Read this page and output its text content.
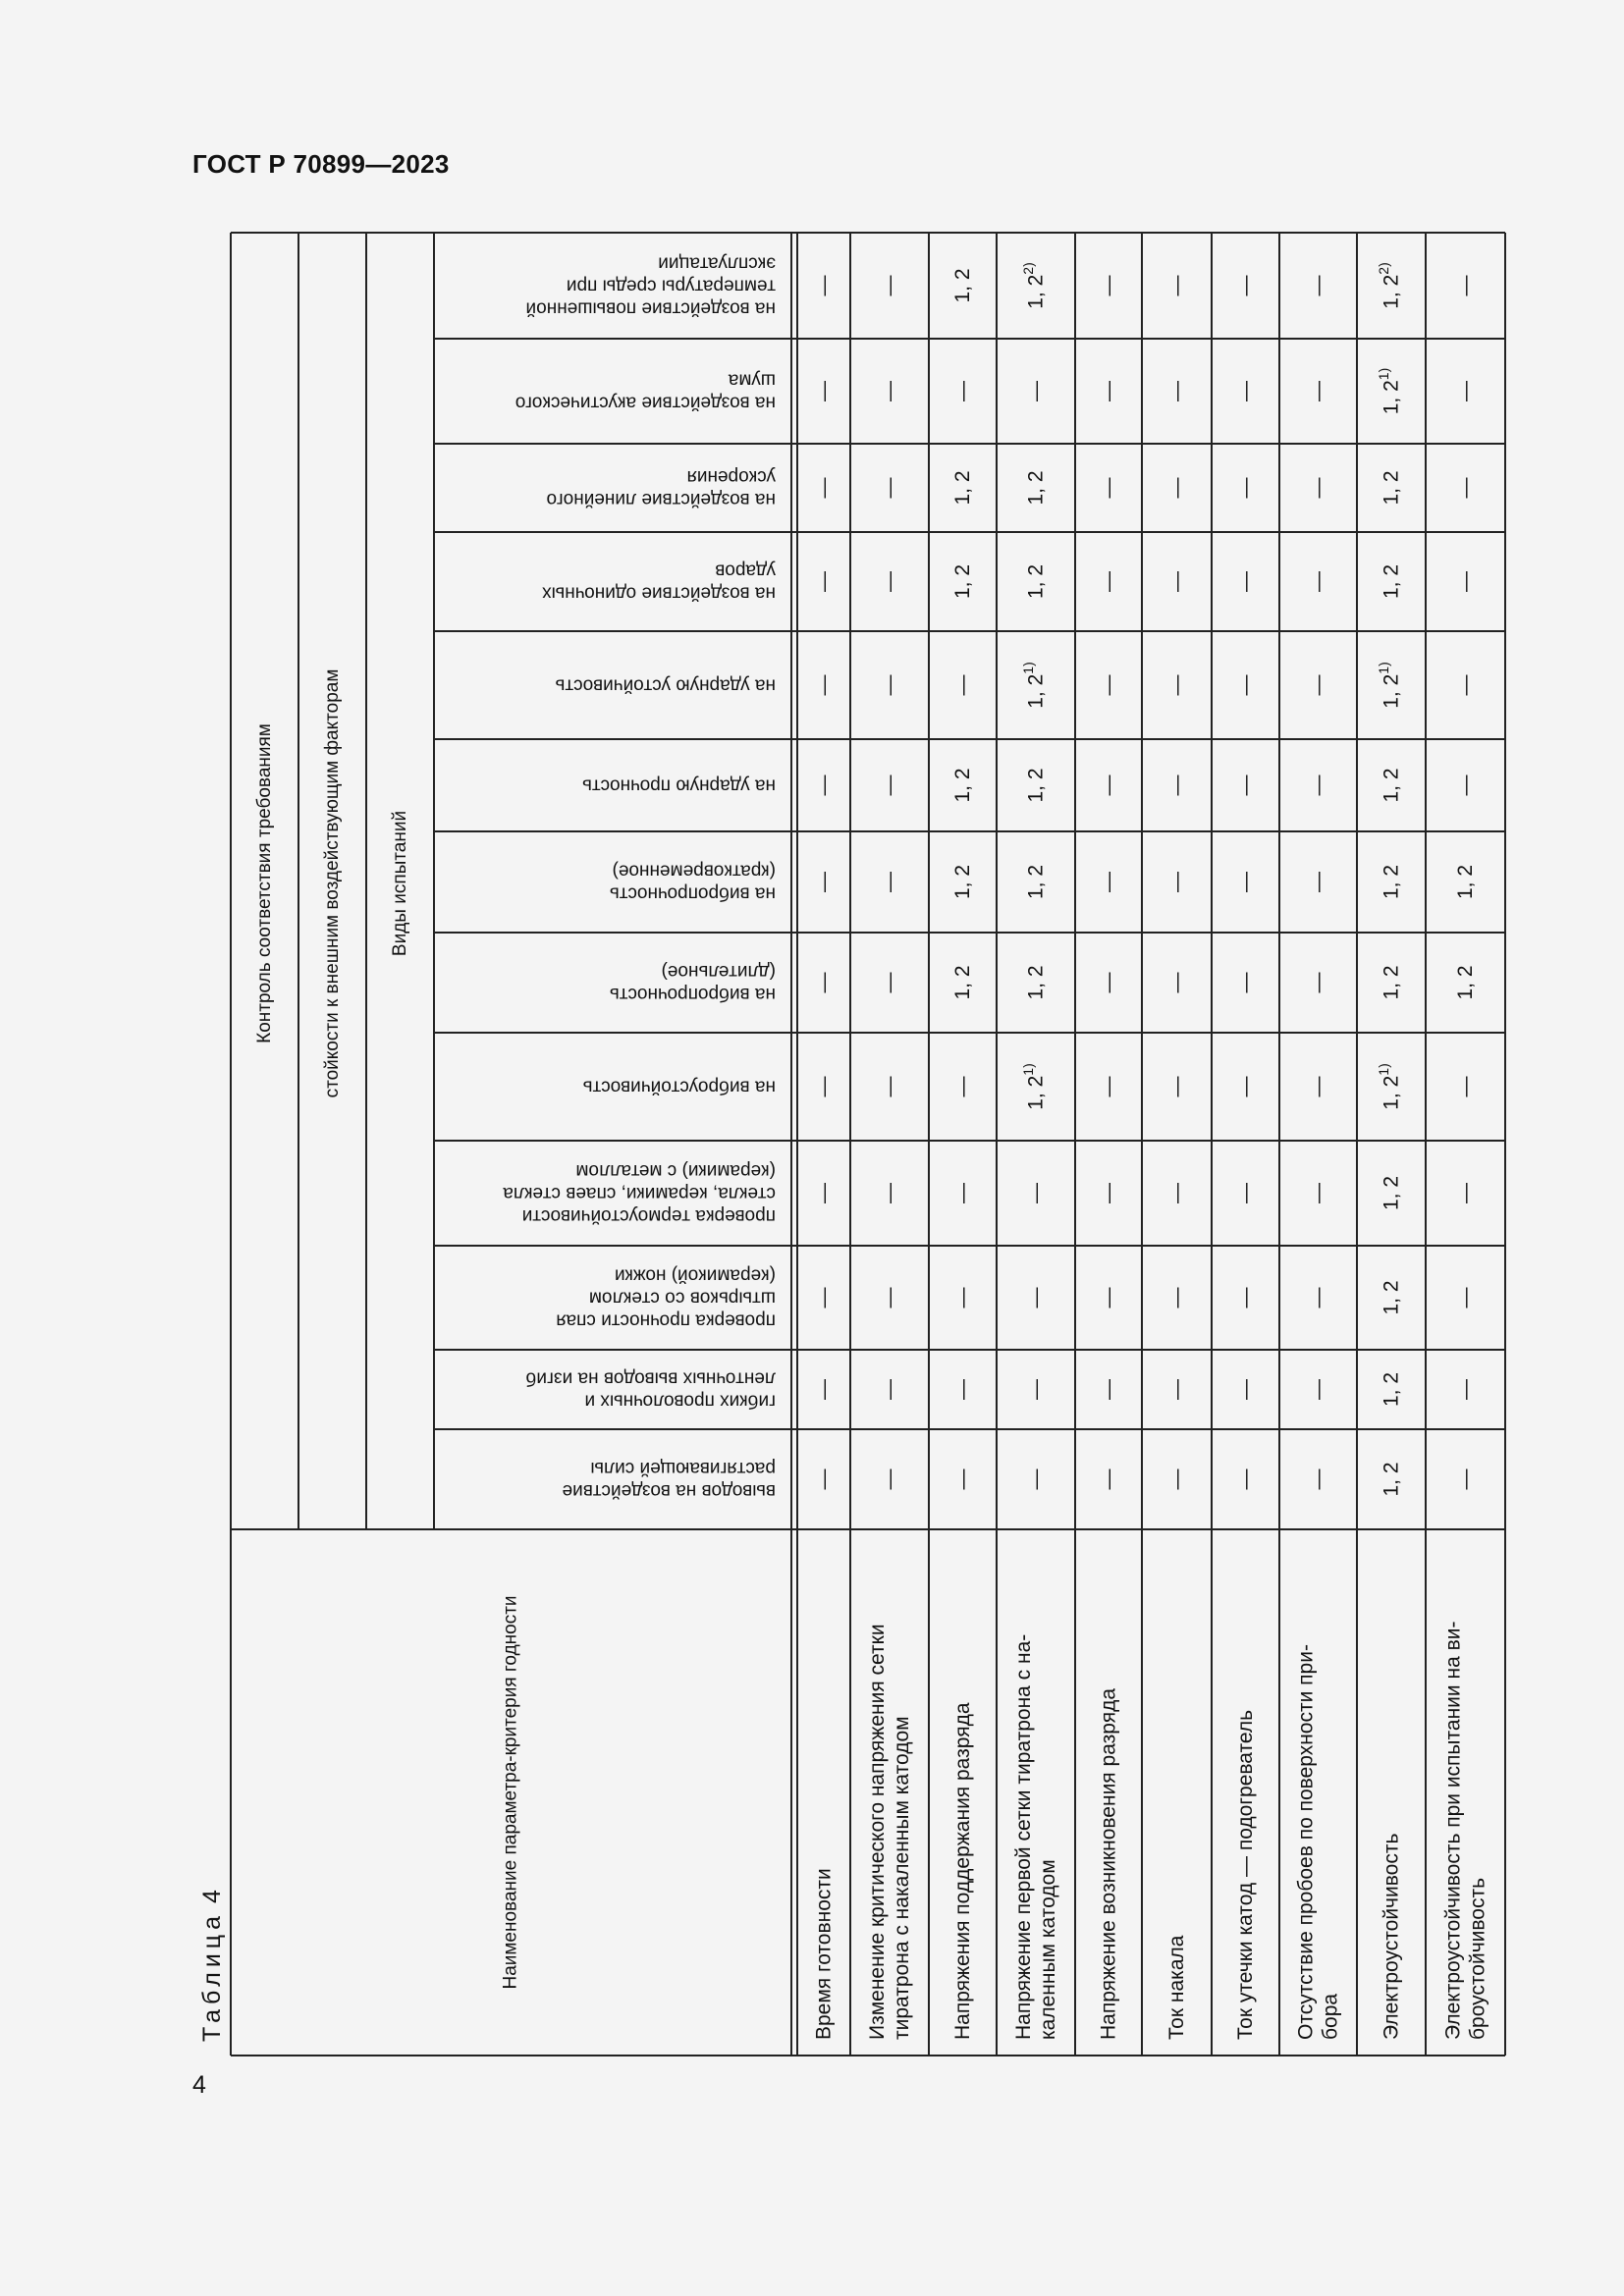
ГОСТ Р 70899—2023
Таблица4
4
Контроль соответствия требованиям	стойкости к внешним воздействующим факторам	Виды испытаний
Наименование параметра-критерия годности
на воздействие повышенной
температуры среды при
эксплуатации
на воздействие акустического
шума
на воздействие линейного
ускорения
на воздействие одиночных
ударов
на ударную устойчивость
на ударную прочность
на вибропрочность
(кратковременное)
на вибропрочность
(длительное)
на виброустойчивость
проверка термоустойчивости
стекла, керамики, спаев стекла
(керамики) с металлом
проверка прочности спая
штырьков со стеклом
(керамикой) ножки
гибких проволочных и
ленточных выводов на изгиб
выводов на воздействие
растягивающей силы
Время готовности
—
—
—
—
—
—
—
—
—
—
—
—
—
Изменение критического напряжения сетки тиратрона с накаленным катодом
—
—
—
—
—
—
—
—
—
—
—
—
—
Напряжения поддержания разряда
1, 2
—
1, 2
1, 2
—
1, 2
1, 2
1, 2
—
—
—
—
—
Напряжение первой сетки тиратрона с на- каленным катодом
1, 2$^{2)}$
—
1, 2
1, 2
1, 2$^{1)}$
1, 2
1, 2
1, 2
1, 2$^{1)}$
—
—
—
—
Напряжение возникновения разряда
—
—
—
—
—
—
—
—
—
—
—
—
—
Ток накала
—
—
—
—
—
—
—
—
—
—
—
—
—
Ток утечки катод — подогреватель
—
—
—
—
—
—
—
—
—
—
—
—
—
Отсутствие пробоев по поверхности при- бора
—
—
—
—
—
—
—
—
—
—
—
—
—
Электроустойчивость
1, 2$^{2)}$
1, 2$^{1)}$
1, 2
1, 2
1, 2$^{1)}$
1, 2
1, 2
1, 2
1, 2$^{1)}$
1, 2
1, 2
1, 2
1, 2
Электроустойчивость при испытании на ви- броустойчивость
—
—
—
—
—
—
1, 2
1, 2
—
—
—
—
—
